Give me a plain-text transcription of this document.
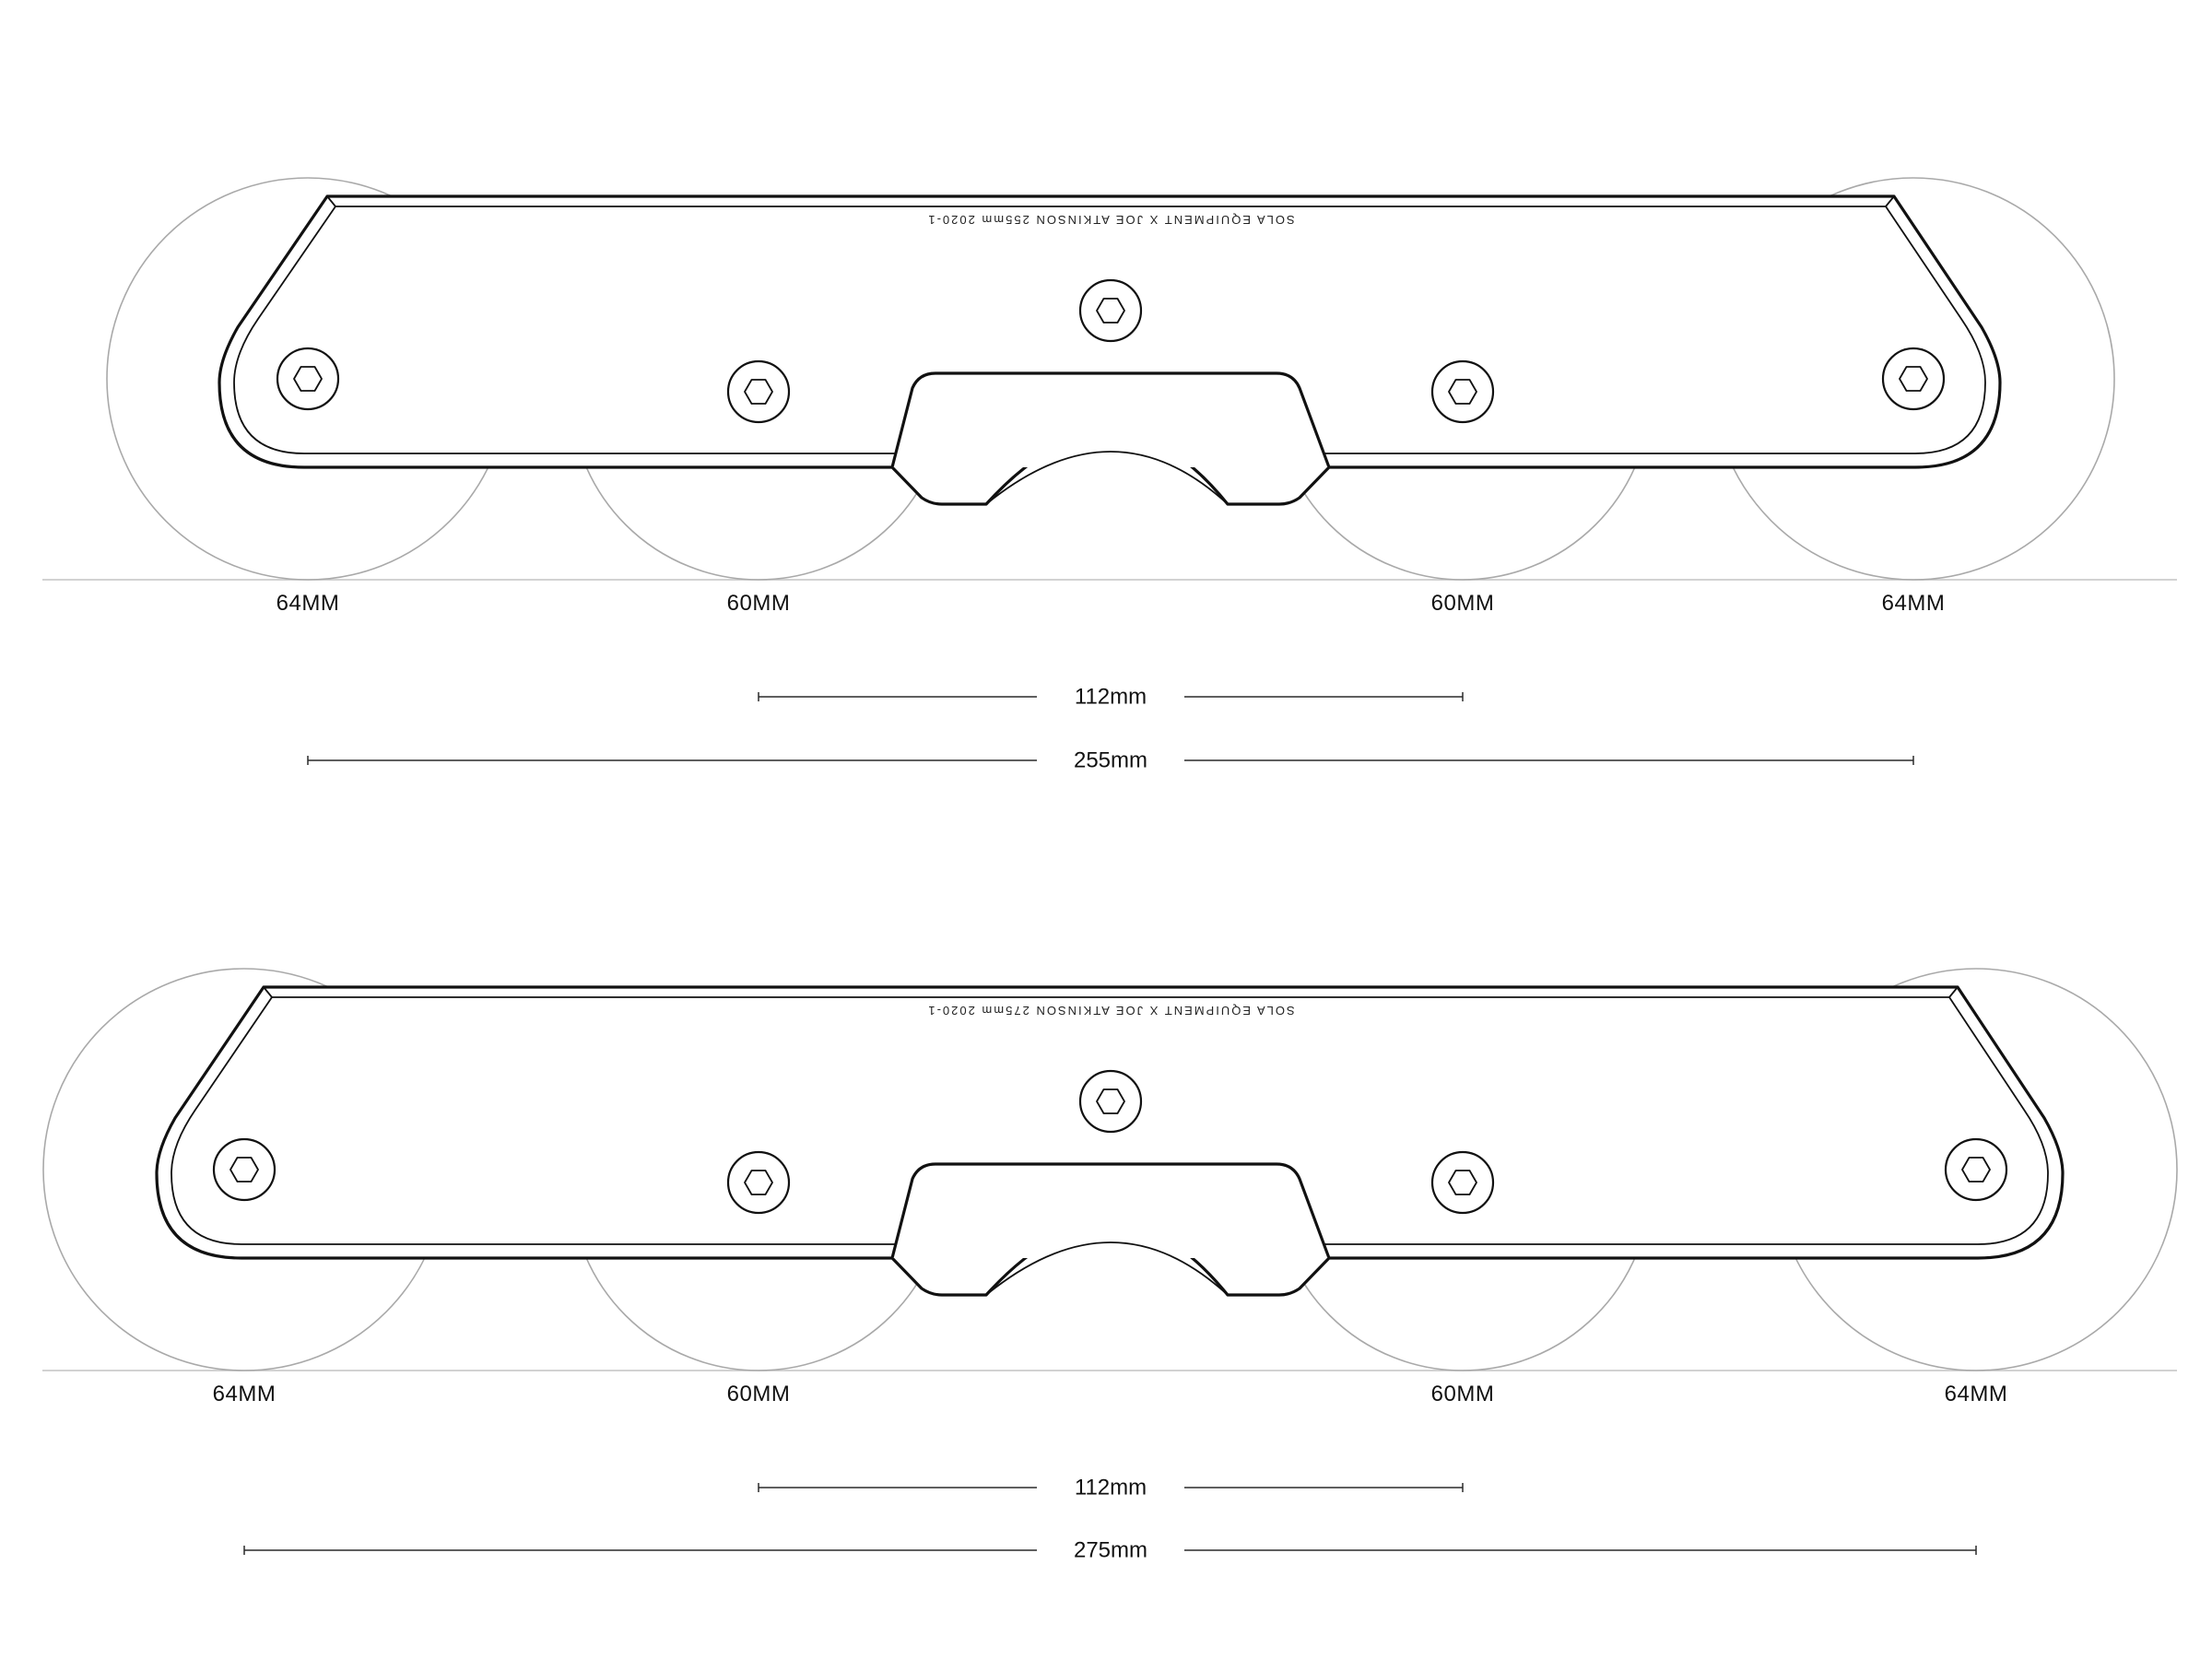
SOLA EQUIPMENT X JOE ATKINSON 255mm 2020-1
64MM	60MM	60MM	64MM
112mm
255mm
SOLA EQUIPMENT X JOE ATKINSON 275mm 2020-1
64MM	60MM	60MM	64MM
112mm
275mm
